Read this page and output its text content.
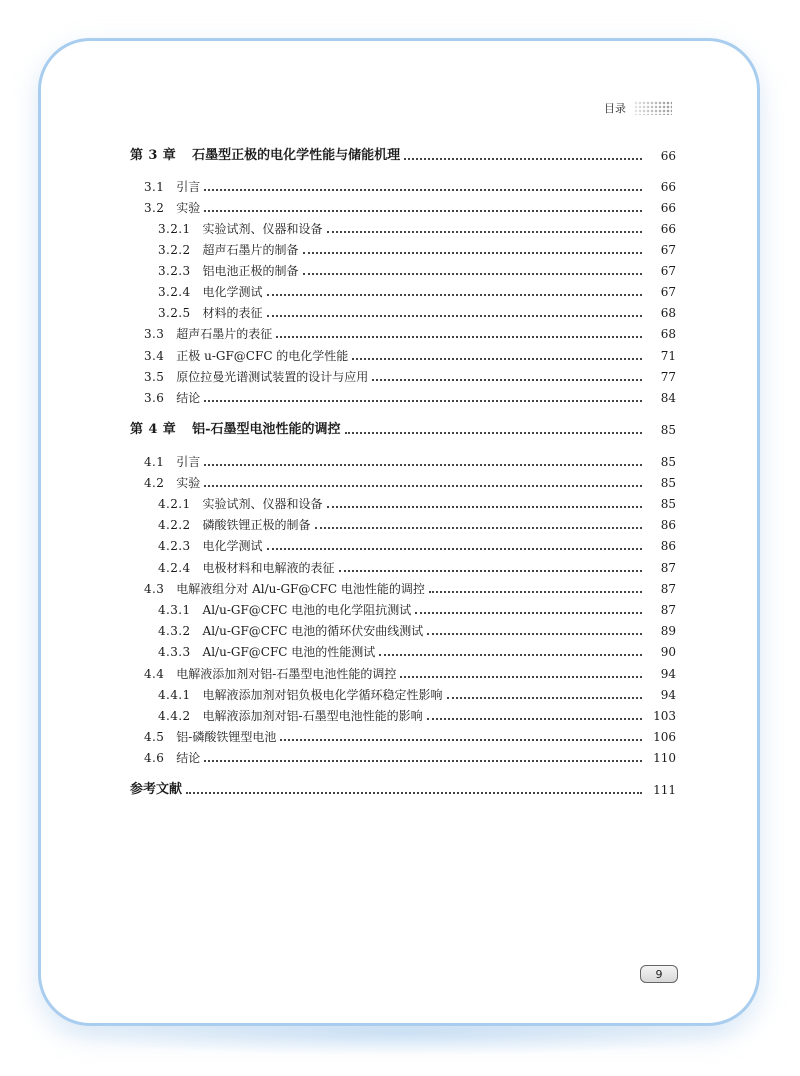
目录
第 3 章 石墨型正极的电化学性能与储能机理	66
3.1 引言	66
3.2 实验	66
3.2.1 实验试剂、仪器和设备	66
3.2.2 超声石墨片的制备	67
3.2.3 铝电池正极的制备	67
3.2.4 电化学测试	67
3.2.5 材料的表征	68
3.3 超声石墨片的表征	68
3.4 正极 u-GF@CFC 的电化学性能	71
3.5 原位拉曼光谱测试装置的设计与应用	77
3.6 结论	84
第 4 章 铝-石墨型电池性能的调控	85
4.1 引言	85
4.2 实验	85
4.2.1 实验试剂、仪器和设备	85
4.2.2 磷酸铁锂正极的制备	86
4.2.3 电化学测试	86
4.2.4 电极材料和电解液的表征	87
4.3 电解液组分对 Al/u-GF@CFC 电池性能的调控	87
4.3.1 Al/u-GF@CFC 电池的电化学阻抗测试	87
4.3.2 Al/u-GF@CFC 电池的循环伏安曲线测试	89
4.3.3 Al/u-GF@CFC 电池的性能测试	90
4.4 电解液添加剂对铝-石墨型电池性能的调控	94
4.4.1 电解液添加剂对铝负极电化学循环稳定性影响	94
4.4.2 电解液添加剂对铝-石墨型电池性能的影响	103
4.5 铝-磷酸铁锂型电池	106
4.6 结论	110
参考文献	111
9
